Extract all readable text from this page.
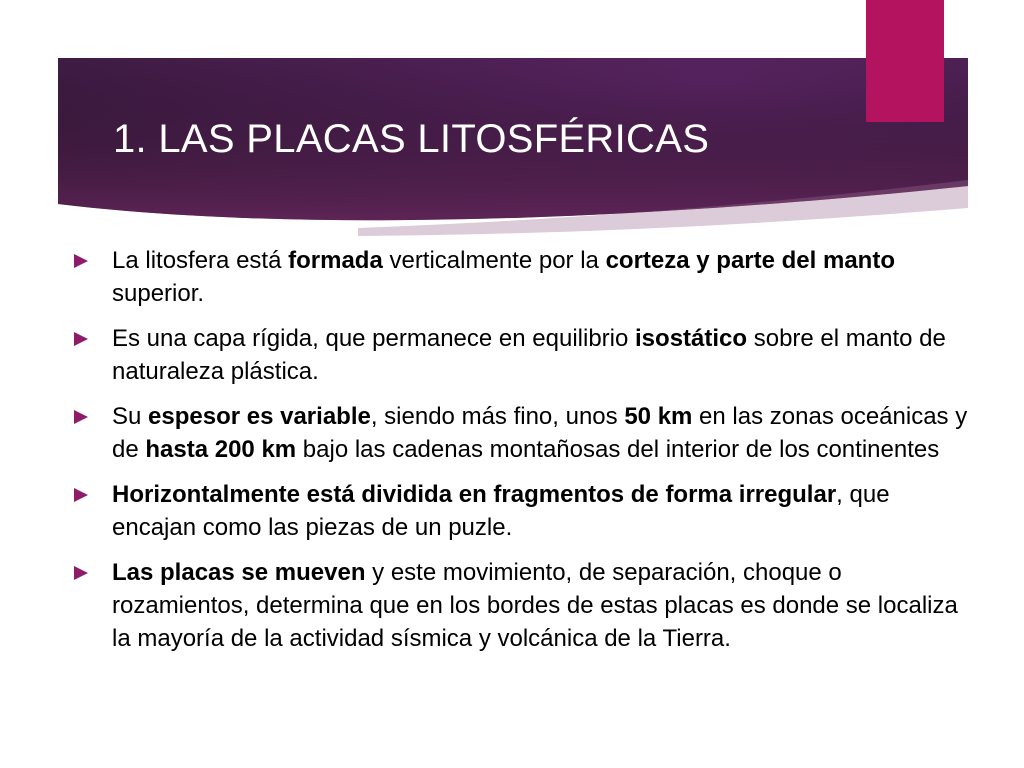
1. LAS PLACAS LITOSFÉRICAS
La litosfera está formada verticalmente por la corteza y parte del manto superior.
Es una capa rígida, que permanece en equilibrio isostático sobre el manto de naturaleza plástica.
Su espesor es variable, siendo más fino, unos 50 km en las zonas oceánicas y de hasta 200 km bajo las cadenas montañosas del interior de los continentes
Horizontalmente está dividida en fragmentos de forma irregular, que encajan como las piezas de un puzle.
Las placas se mueven y este movimiento, de separación, choque o rozamientos, determina que en los bordes de estas placas es donde se localiza la mayoría de la actividad sísmica y volcánica de la Tierra.
